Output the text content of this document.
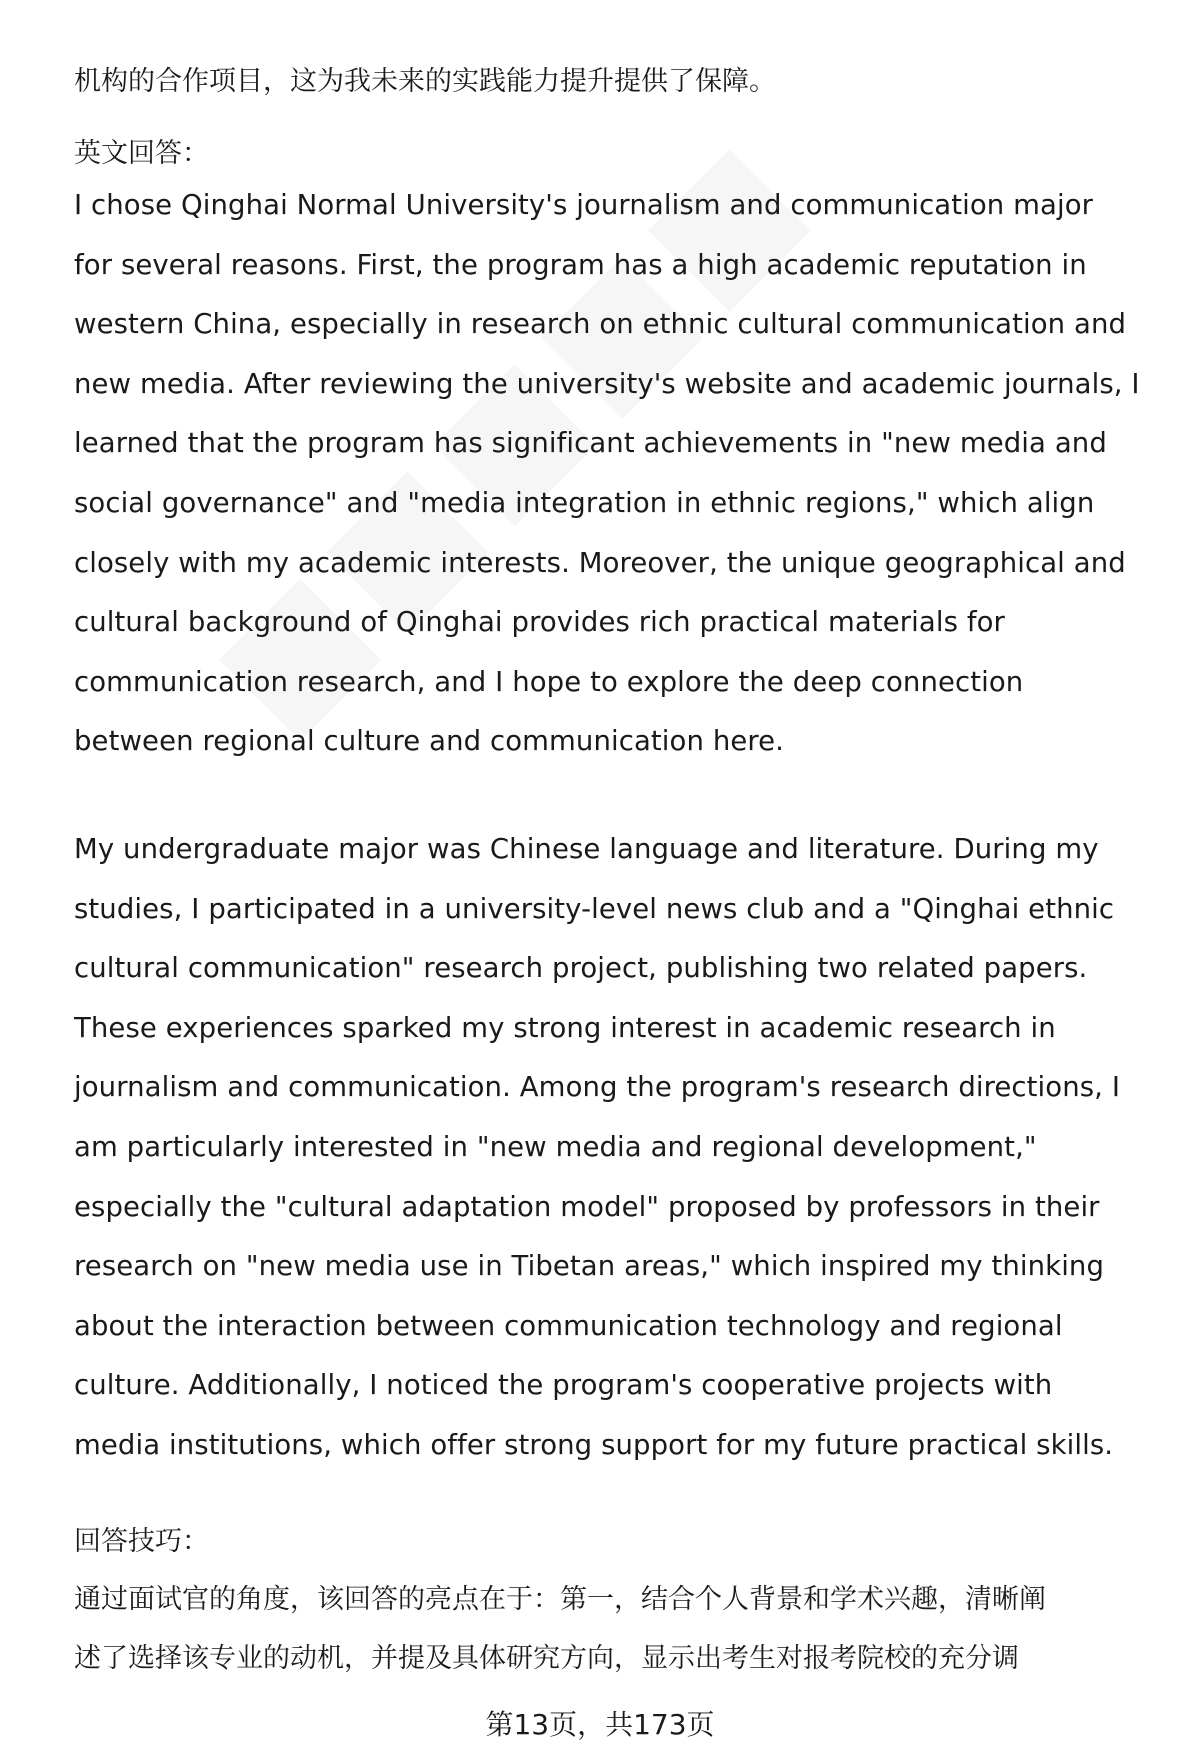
机构的合作项目，这为我未来的实践能力提升提供了保障。
英文回答：
I chose Qinghai Normal University's journalism and communication major
for several reasons. First, the program has a high academic reputation in
western China, especially in research on ethnic cultural communication and
new media. After reviewing the university's website and academic journals, I
learned that the program has significant achievements in "new media and
social governance" and "media integration in ethnic regions," which align
closely with my academic interests. Moreover, the unique geographical and
cultural background of Qinghai provides rich practical materials for
communication research, and I hope to explore the deep connection
between regional culture and communication here.
My undergraduate major was Chinese language and literature. During my
studies, I participated in a university-level news club and a "Qinghai ethnic
cultural communication" research project, publishing two related papers.
These experiences sparked my strong interest in academic research in
journalism and communication. Among the program's research directions, I
am particularly interested in "new media and regional development,"
especially the "cultural adaptation model" proposed by professors in their
research on "new media use in Tibetan areas," which inspired my thinking
about the interaction between communication technology and regional
culture. Additionally, I noticed the program's cooperative projects with
media institutions, which offer strong support for my future practical skills.
回答技巧：
通过面试官的角度，该回答的亮点在于：第一，结合个人背景和学术兴趣，清晰阐
述了选择该专业的动机，并提及具体研究方向，显示出考生对报考院校的充分调
第13页，共173页
